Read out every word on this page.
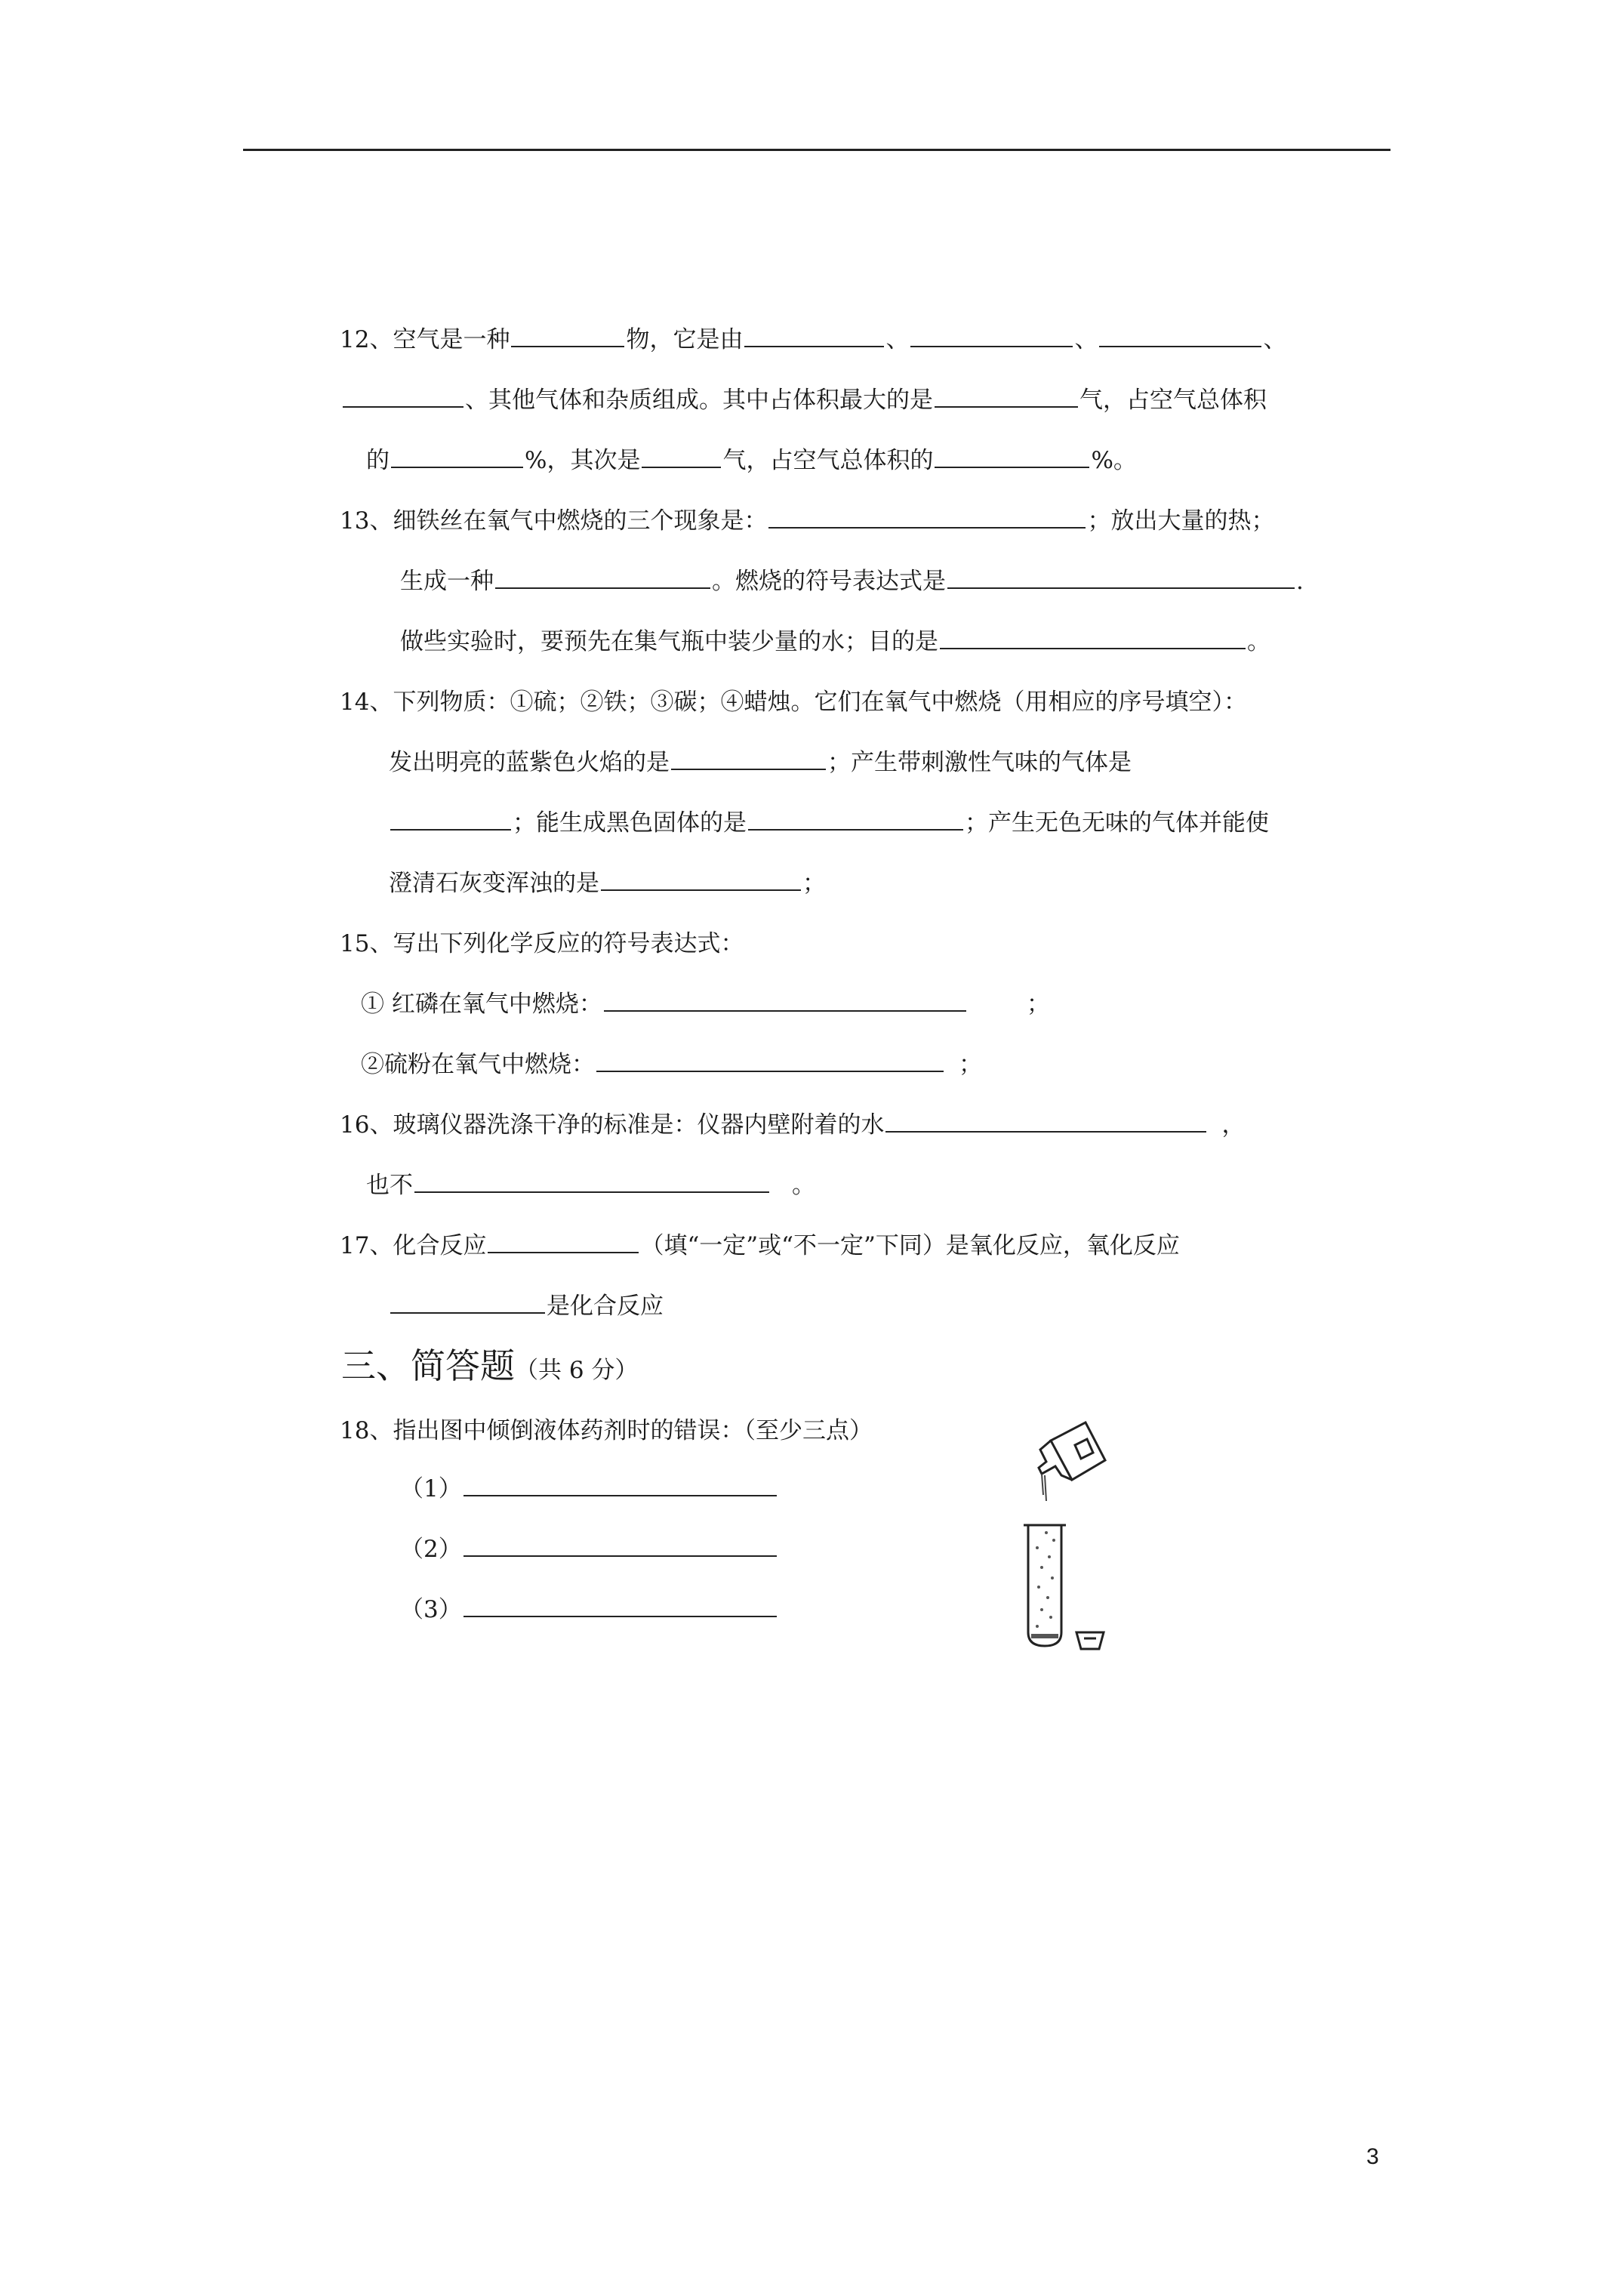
12、空气是一种	物，它是由	、	、	、
、其他气体和杂质组成。其中占体积最大的是	气，占空气总体积
的	%，其次是	气，占空气总体积的	%。
13、细铁丝在氧气中燃烧的三个现象是：	；放出大量的热；
生成一种	。燃烧的符号表达式是	.
做些实验时，要预先在集气瓶中装少量的水；目的是	。
14、下列物质：①硫；②铁；③碳；④蜡烛。它们在氧气中燃烧（用相应的序号填空）：
发出明亮的蓝紫色火焰的是	；产生带刺激性气味的气体是
；能生成黑色固体的是	；产生无色无味的气体并能使
澄清石灰变浑浊的是	；
15、写出下列化学反应的符号表达式：
① 红磷在氧气中燃烧：	；
②硫粉在氧气中燃烧：	；
16、玻璃仪器洗涤干净的标准是：仪器内壁附着的水	，
也不	。
17、化合反应	（填“一定”或“不一定”下同）是氧化反应，氧化反应
是化合反应
三、简答题（共 6 分）
18、指出图中倾倒液体药剂时的错误：（至少三点）
（1）
（2）
（3）
3
